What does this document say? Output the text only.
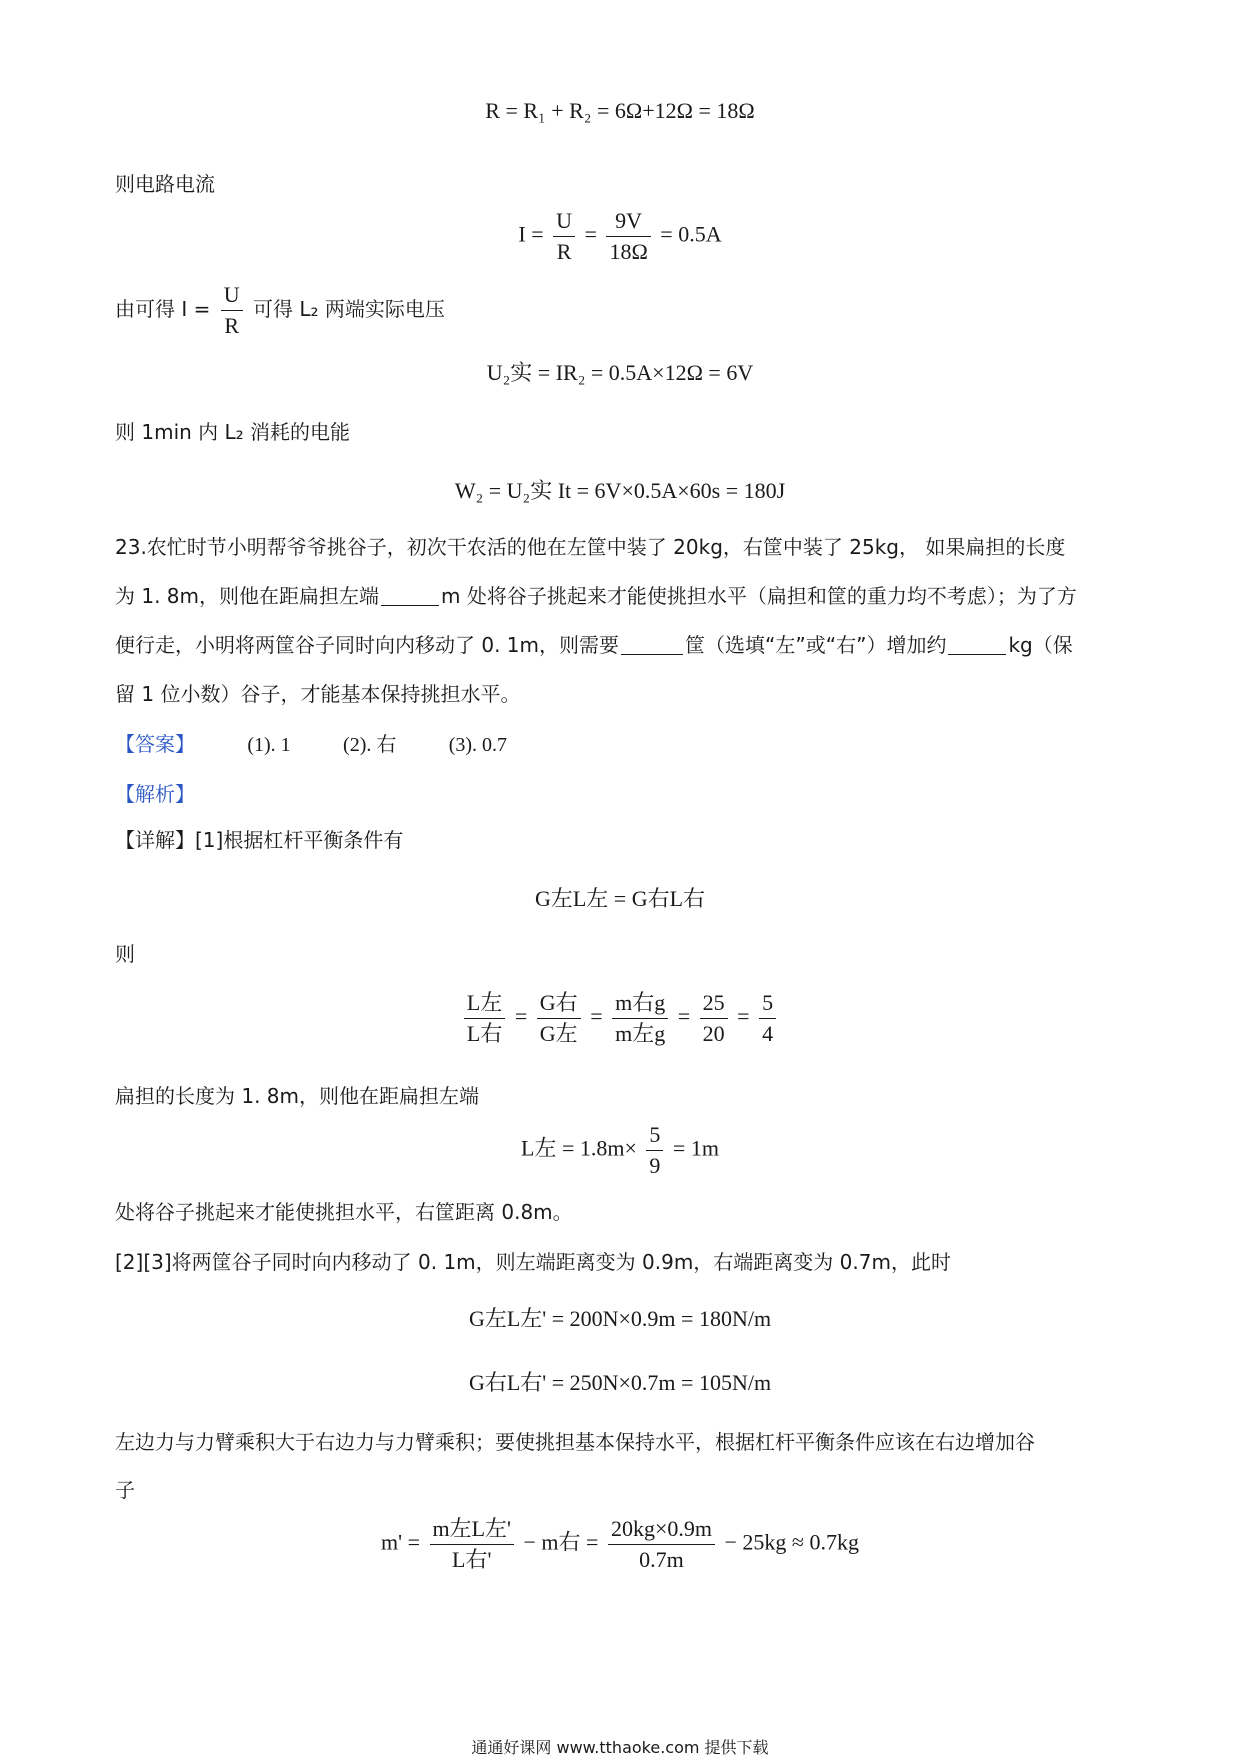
R = R₁ + R₂ = 6Ω+12Ω = 18Ω
则电路电流
$I = \frac{U}{R} = \frac{9V}{18\Omega} = 0.5A$
由可得 $I = \frac{U}{R}$ 可得 L₂ 两端实际电压
U₂实 = IR₂ = 0.5A×12Ω = 6V
则 1min 内 L₂ 消耗的电能
W₂ = U₂实 It = 6V×0.5A×60s = 180J
23.农忙时节小明帮爷爷挑谷子，初次干农活的他在左筐中装了 20kg，右筐中装了 25kg， 如果扁担的长度
为 1. 8m，则他在距扁担左端	m 处将谷子挑起来才能使挑担水平（扁担和筐的重力均不考虑）；为了方
便行走，小明将两筐谷子同时向内移动了 0. 1m，则需要	筐（选填“左”或“右”）增加约	kg（保
留 1 位小数）谷子，才能基本保持挑担水平。
【答案】	(1). 1	(2). 右	(3). 0.7
【解析】
【详解】[1]根据杠杆平衡条件有
G左L左 = G右L右
则
$\frac{\text{L左}}{\text{L右}} = \frac{\text{G右}}{\text{G左}} = \frac{\text{m右g}}{\text{m左g}} = \frac{25}{20} = \frac{5}{4}$
扁担的长度为 1. 8m，则他在距扁担左端
L左 = $1.8m\times \frac{5}{9} = 1m$
处将谷子挑起来才能使挑担水平，右筐距离 0.8m。
[2][3]将两筐谷子同时向内移动了 0. 1m，则左端距离变为 0.9m，右端距离变为 0.7m，此时
G左L左' = 200N×0.9m = 180N/m
G右L右' = 250N×0.7m = 105N/m
左边力与力臂乘积大于右边力与力臂乘积；要使挑担基本保持水平，根据杠杆平衡条件应该在右边增加谷
子
$m' = \frac{\text{m左L左'}}{\text{L右'}} - m$右 = $\frac{20kg\times 0.9m}{0.7m} - 25kg \approx 0.7kg$
通通好课网 www.tthaoke.com 提供下载
